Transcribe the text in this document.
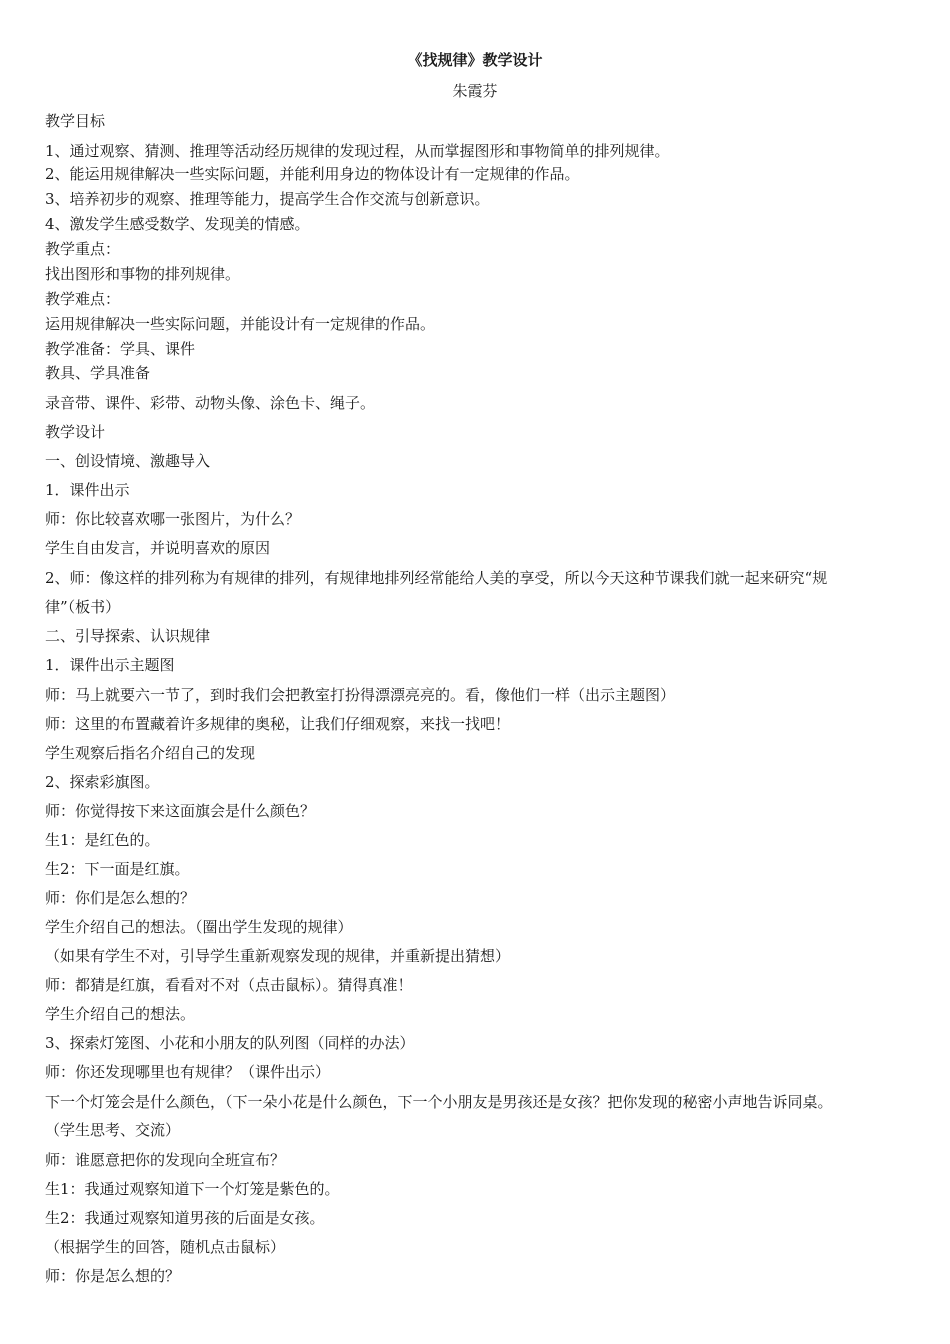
《找规律》教学设计
朱霞芬
教学目标
1、通过观察、猜测、推理等活动经历规律的发现过程，从而掌握图形和事物简单的排列规律。
2、能运用规律解决一些实际问题，并能利用身边的物体设计有一定规律的作品。
3、培养初步的观察、推理等能力，提高学生合作交流与创新意识。
4、激发学生感受数学、发现美的情感。
教学重点：
找出图形和事物的排列规律。
教学难点：
运用规律解决一些实际问题，并能设计有一定规律的作品。
教学准备：学具、课件
教具、学具准备
录音带、课件、彩带、动物头像、涂色卡、绳子。
教学设计
一、创设情境、激趣导入
1．课件出示
师：你比较喜欢哪一张图片，为什么？
学生自由发言，并说明喜欢的原因
2、师：像这样的排列称为有规律的排列，有规律地排列经常能给人美的享受，所以今天这种节课我们就一起来研究“规
律”（板书）
二、引导探索、认识规律
1．课件出示主题图
师：马上就要六一节了，到时我们会把教室打扮得漂漂亮亮的。看，像他们一样（出示主题图）
师：这里的布置藏着许多规律的奥秘，让我们仔细观察，来找一找吧！
学生观察后指名介绍自己的发现
2、探索彩旗图。
师：你觉得按下来这面旗会是什么颜色？
生1：是红色的。
生2：下一面是红旗。
师：你们是怎么想的？
学生介绍自己的想法。（圈出学生发现的规律）
（如果有学生不对，引导学生重新观察发现的规律，并重新提出猜想）
师：都猜是红旗，看看对不对（点击鼠标）。猜得真准！
学生介绍自己的想法。
3、探索灯笼图、小花和小朋友的队列图（同样的办法）
师：你还发现哪里也有规律？（课件出示）
下一个灯笼会是什么颜色，（下一朵小花是什么颜色，下一个小朋友是男孩还是女孩？把你发现的秘密小声地告诉同桌。
（学生思考、交流）
师：谁愿意把你的发现向全班宣布？
生1：我通过观察知道下一个灯笼是紫色的。
生2：我通过观察知道男孩的后面是女孩。
（根据学生的回答，随机点击鼠标）
师：你是怎么想的？
